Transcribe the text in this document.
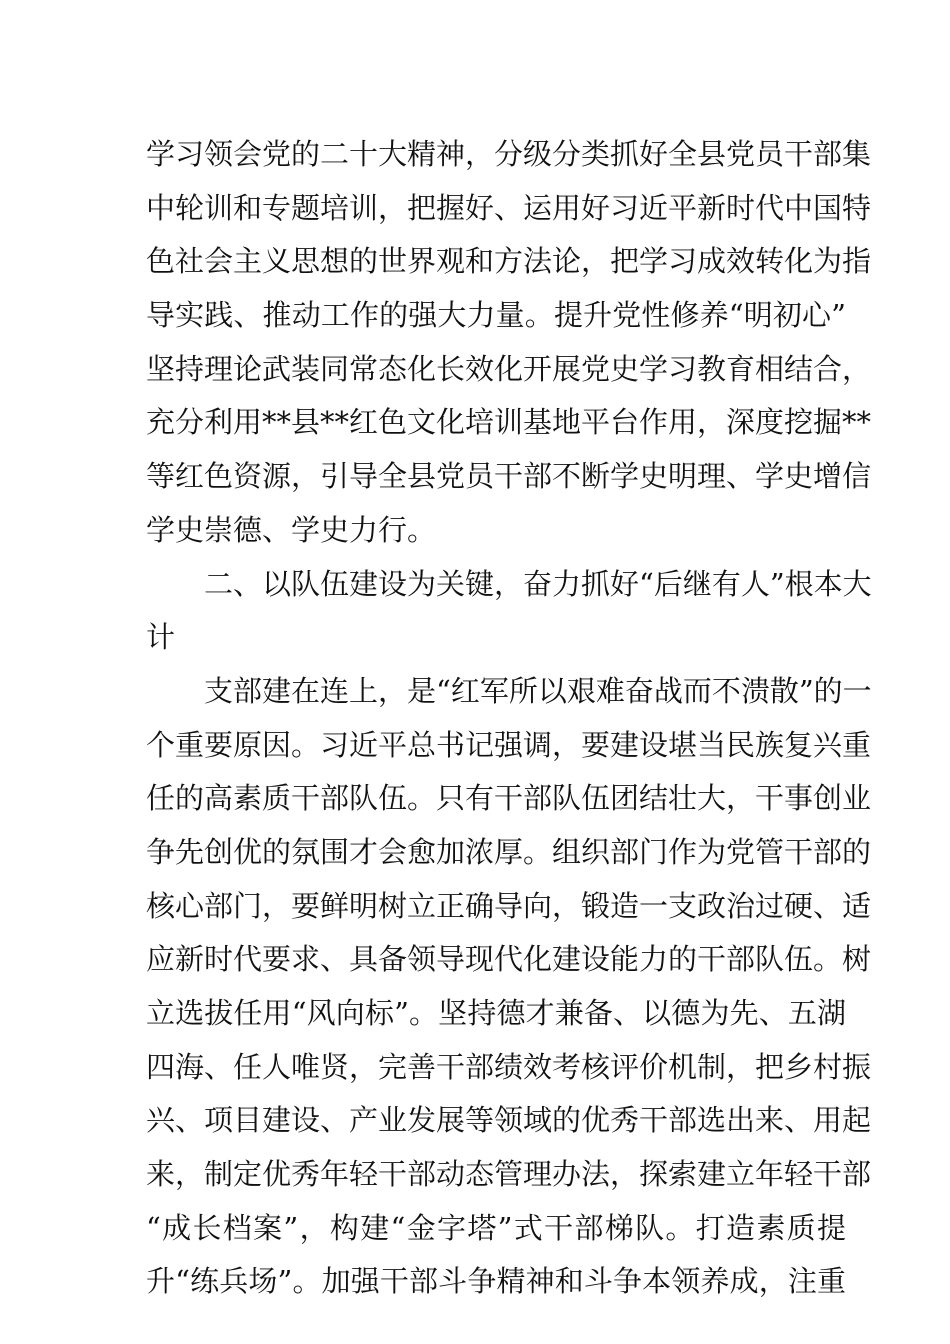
学习领会党的二十大精神，分级分类抓好全县党员干部集
中轮训和专题培训，把握好、运用好习近平新时代中国特
色社会主义思想的世界观和方法论，把学习成效转化为指
导实践、推动工作的强大力量。提升党性修养“明初心”
坚持理论武装同常态化长效化开展党史学习教育相结合，
充分利用**县**红色文化培训基地平台作用，深度挖掘**
等红色资源，引导全县党员干部不断学史明理、学史增信
学史崇德、学史力行。
二、以队伍建设为关键，奋力抓好“后继有人”根本大
计
支部建在连上，是“红军所以艰难奋战而不溃散”的一
个重要原因。习近平总书记强调，要建设堪当民族复兴重
任的高素质干部队伍。只有干部队伍团结壮大，干事创业
争先创优的氛围才会愈加浓厚。组织部门作为党管干部的
核心部门，要鲜明树立正确导向，锻造一支政治过硬、适
应新时代要求、具备领导现代化建设能力的干部队伍。树
立选拔任用“风向标”。坚持德才兼备、以德为先、五湖
四海、任人唯贤，完善干部绩效考核评价机制，把乡村振
兴、项目建设、产业发展等领域的优秀干部选出来、用起
来，制定优秀年轻干部动态管理办法，探索建立年轻干部
“成长档案”，构建“金字塔”式干部梯队。打造素质提
升“练兵场”。加强干部斗争精神和斗争本领养成，注重
